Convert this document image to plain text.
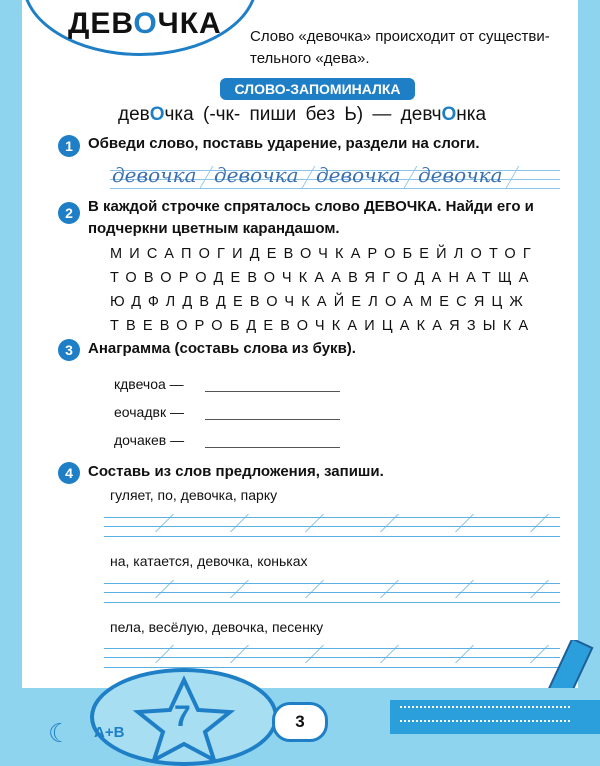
ДЕВОЧКА Слово «девочка» происходит от существи-тельного «дева».
СЛОВО-ЗАПОМИНАЛКА
девОчка (-чк- пиши без Ь) — девчОнка
1	Обведи слово, поставь ударение, раздели на слоги.
девочка девочка девочка девочка
2	В каждой строчке спряталось слово ДЕВОЧКА. Найди его и подчеркни цветным карандашом.
МИСАПОГИДЕВОЧКАРОБЕЙЛОТОГ
ТОВОРОДЕВОЧКААВЯГОДАНАТЩА
ЮДФЛДВДЕВОЧКАЙЕЛОАМЕСЯЦЖ
ТВЕВОРОБДЕВОЧКАИЦАКАЯЗЫКА
3	Анаграмма (составь слова из букв).
кдвечоа —
еочадвк —
дочакев —
4	Составь из слов предложения, запиши.
гуляет, по, девочка, парку
на, катается, девочка, коньках
пела, весёлую, девочка, песенку
7
☾ А+В
3
